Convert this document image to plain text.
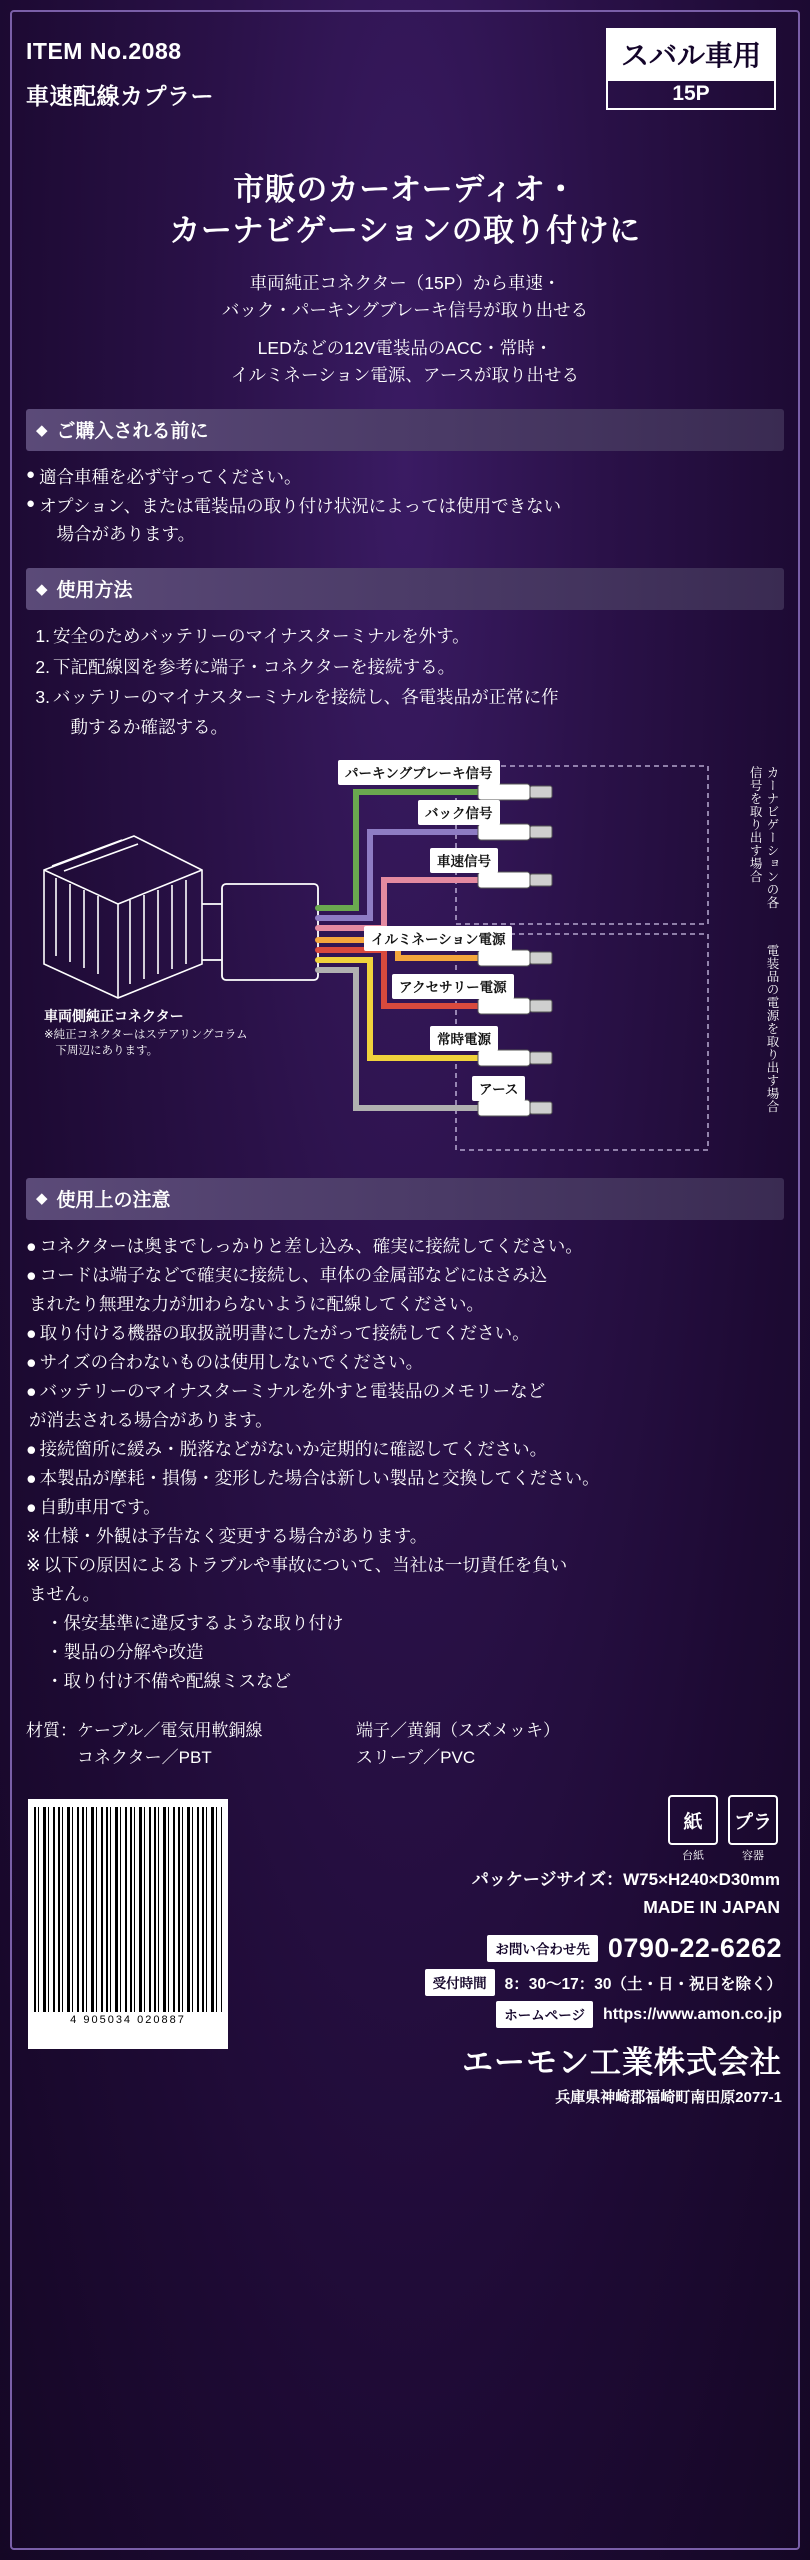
ITEM No.2088
車速配線カプラー
スバル車用
15P
市販のカーオーディオ・
カーナビゲーションの取り付けに
車両純正コネクター（15P）から車速・
バック・パーキングブレーキ信号が取り出せる
LEDなどの12V電装品のACC・常時・
イルミネーション電源、アースが取り出せる
◆ ご購入される前に
● 適合車種を必ず守ってください。
● オプション、または電装品の取り付け状況によっては使用できない
　場合があります。
◆ 使用方法
1. 安全のためバッテリーのマイナスターミナルを外す。
2. 下記配線図を参考に端子・コネクターを接続する。
3. バッテリーのマイナスターミナルを接続し、各電装品が正常に作
　動するか確認する。
パーキングブレーキ信号
バック信号
車速信号
イルミネーション電源
アクセサリー電源
常時電源
アース
車両側純正コネクター
※純正コネクターはステアリングコラム
　下周辺にあります。
カーナビゲーションの各信号を取り出す場合
電装品の電源を取り出す場合
◆ 使用上の注意
● コネクターは奥までしっかりと差し込み、確実に接続してください。
● コードは端子などで確実に接続し、車体の金属部などにはさみ込
まれたり無理な力が加わらないように配線してください。
● 取り付ける機器の取扱説明書にしたがって接続してください。
● サイズの合わないものは使用しないでください。
● バッテリーのマイナスターミナルを外すと電装品のメモリーなど
が消去される場合があります。
● 接続箇所に緩み・脱落などがないか定期的に確認してください。
● 本製品が摩耗・損傷・変形した場合は新しい製品と交換してください。
● 自動車用です。
※ 仕様・外観は予告なく変更する場合があります。
※ 以下の原因によるトラブルや事故について、当社は一切責任を負い
ません。
・保安基準に違反するような取り付け
・製品の分解や改造
・取り付け不備や配線ミスなど
材質：ケーブル／電気用軟銅線	端子／黄銅（スズメッキ）
　　　コネクター／PBT	スリーブ／PVC
4 905034 020887
紙
台紙
プラ
容器
パッケージサイズ：W75×H240×D30mm
MADE IN JAPAN
お問い合わせ先 0790-22-6262
受付時間	8：30～17：30（土・日・祝日を除く）
ホームページ	https://www.amon.co.jp
エーモン工業株式会社
兵庫県神崎郡福崎町南田原2077-1
